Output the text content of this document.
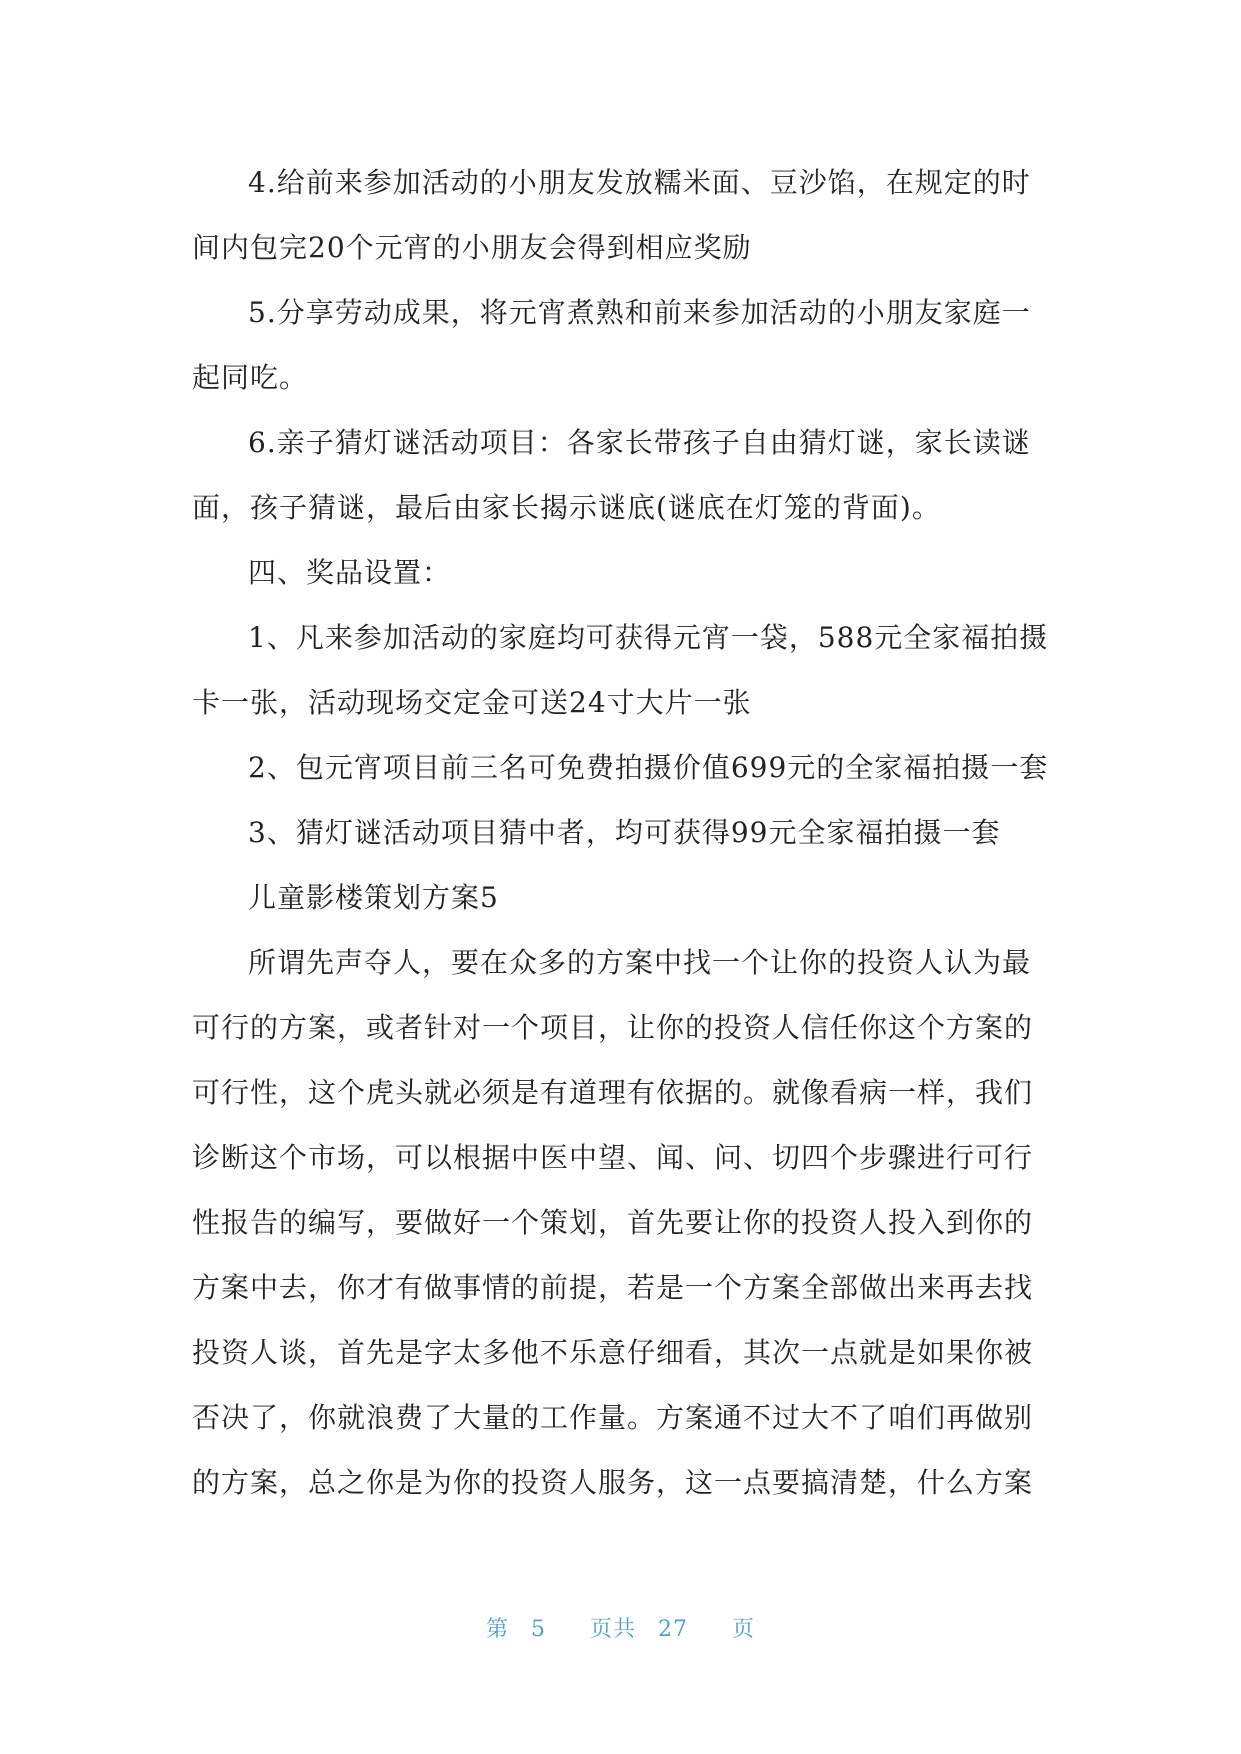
4.给前来参加活动的小朋友发放糯米面、豆沙馅，在规定的时
间内包完20个元宵的小朋友会得到相应奖励
5.分享劳动成果，将元宵煮熟和前来参加活动的小朋友家庭一
起同吃。
6.亲子猜灯谜活动项目：各家长带孩子自由猜灯谜，家长读谜
面，孩子猜谜，最后由家长揭示谜底(谜底在灯笼的背面)。
四、奖品设置：
1、凡来参加活动的家庭均可获得元宵一袋，588元全家福拍摄
卡一张，活动现场交定金可送24寸大片一张
2、包元宵项目前三名可免费拍摄价值699元的全家福拍摄一套
3、猜灯谜活动项目猜中者，均可获得99元全家福拍摄一套
儿童影楼策划方案5
所谓先声夺人，要在众多的方案中找一个让你的投资人认为最
可行的方案，或者针对一个项目，让你的投资人信任你这个方案的
可行性，这个虎头就必须是有道理有依据的。就像看病一样，我们
诊断这个市场，可以根据中医中望、闻、问、切四个步骤进行可行
性报告的编写，要做好一个策划，首先要让你的投资人投入到你的
方案中去，你才有做事情的前提，若是一个方案全部做出来再去找
投资人谈，首先是字太多他不乐意仔细看，其次一点就是如果你被
否决了，你就浪费了大量的工作量。方案通不过大不了咱们再做别
的方案，总之你是为你的投资人服务，这一点要搞清楚，什么方案
第 5 页共 27 页
